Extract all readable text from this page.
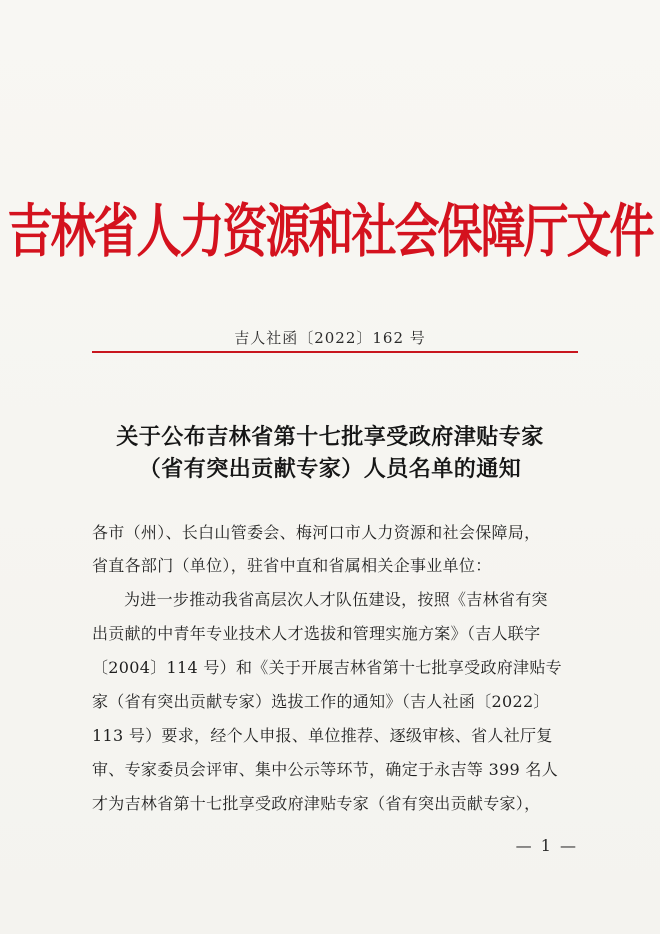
吉林省人力资源和社会保障厅文件
吉人社函〔2022〕162 号
关于公布吉林省第十七批享受政府津贴专家
（省有突出贡献专家）人员名单的通知
各市（州）、长白山管委会、梅河口市人力资源和社会保障局，
省直各部门（单位），驻省中直和省属相关企事业单位：
为进一步推动我省高层次人才队伍建设，按照《吉林省有突
出贡献的中青年专业技术人才选拔和管理实施方案》（吉人联字
〔2004〕114 号）和《关于开展吉林省第十七批享受政府津贴专
家（省有突出贡献专家）选拔工作的通知》（吉人社函〔2022〕
113 号）要求，经个人申报、单位推荐、逐级审核、省人社厅复
审、专家委员会评审、集中公示等环节，确定于永吉等 399 名人
才为吉林省第十七批享受政府津贴专家（省有突出贡献专家），
— 1 —
